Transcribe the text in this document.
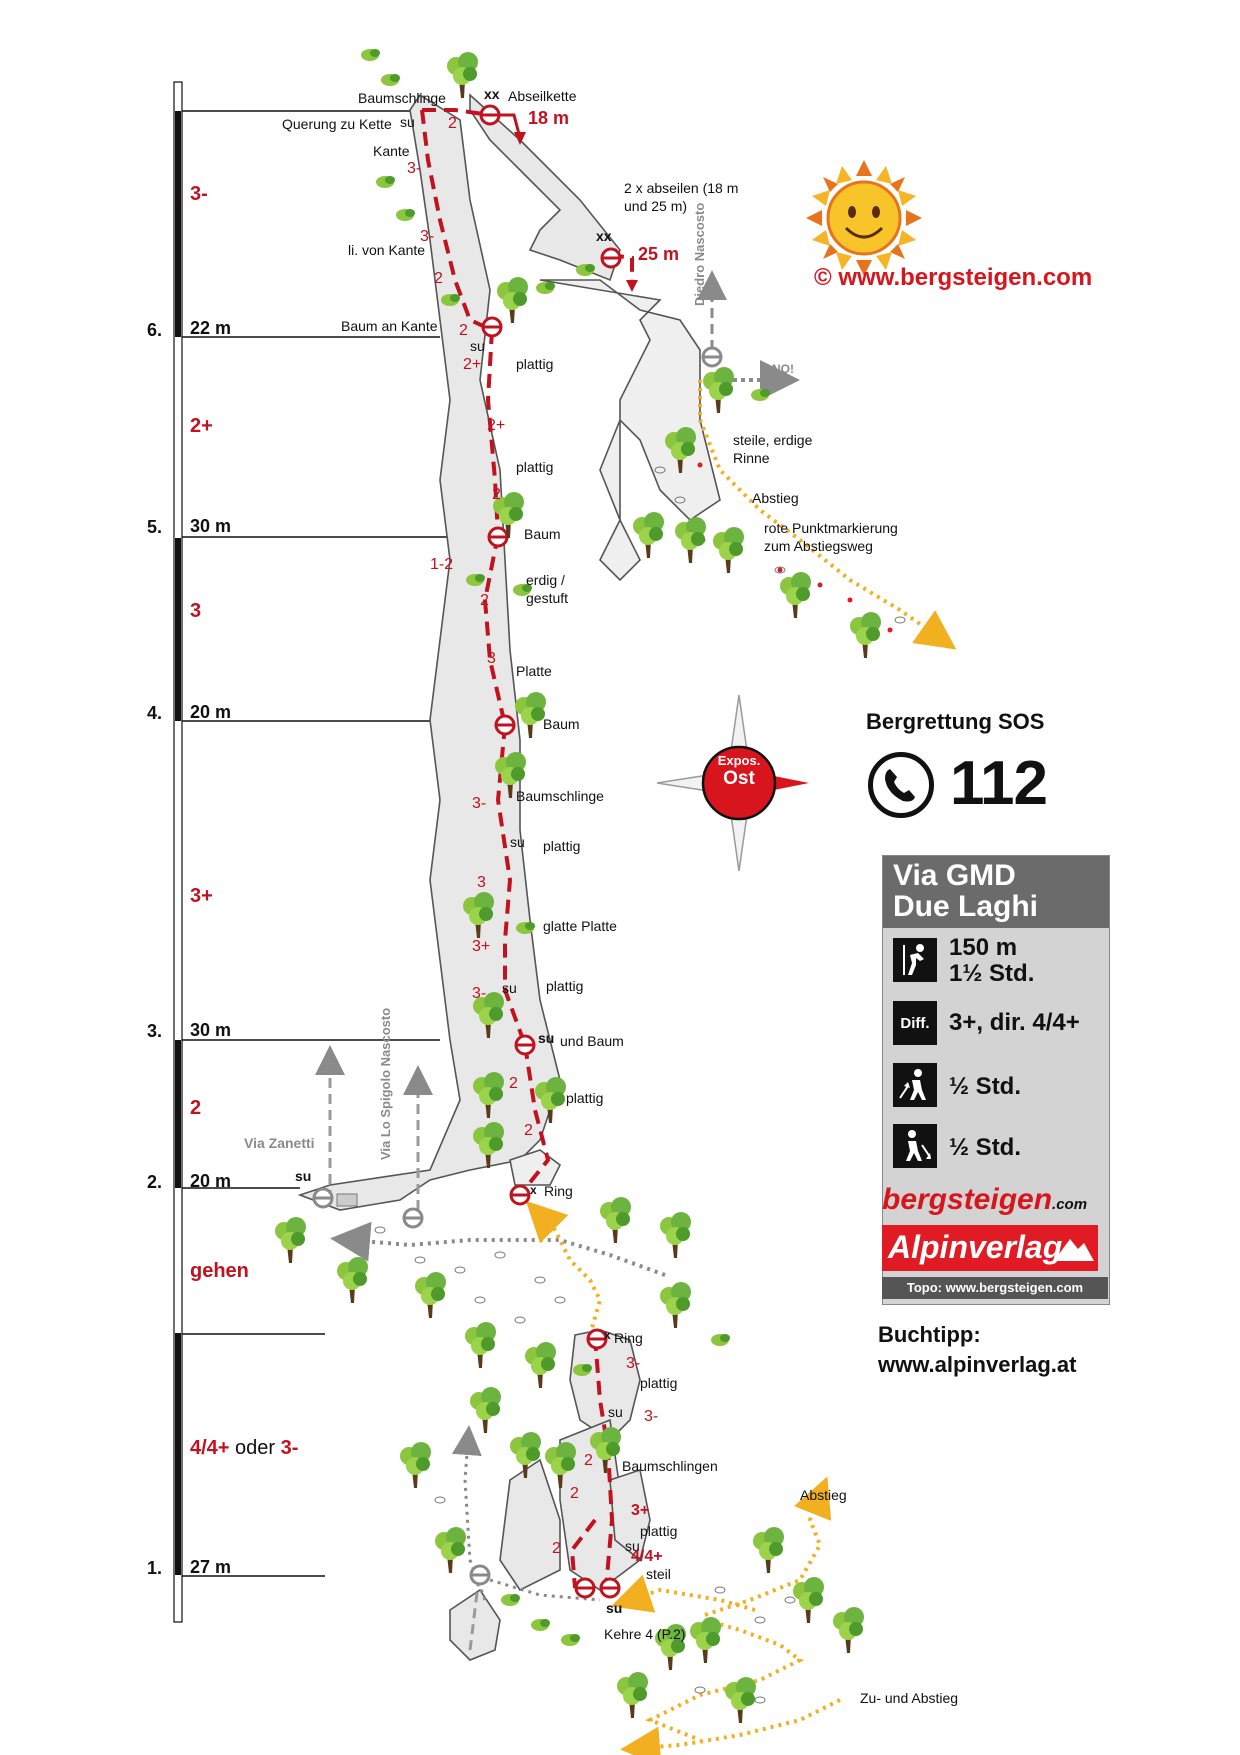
6. 22 m
5. 30 m
4. 20 m
3. 30 m
2. 20 m
1. 27 m
3-
2+
3
3+
2
gehen
4/4+ oder 3-
Baumschlinge
Querung zu Kette su
xx Abseilkette
18 m
2 x abseilen (18 m
und 25 m)
xx
25 m
Kante
li. von Kante
Baum an Kante
Diedro Nascosto
NO!
steile, erdige
Rinne
Abstieg
rote Punktmarkierung
zum Abstiegsweg
su
plattig
plattig
Baum
erdig /
gestuft
Platte
Baum
Baumschlinge
su plattig
glatte Platte
su plattig
su und Baum
plattig
Via Zanetti	Via Lo Spigolo Nascosto
su
x Ring
x Ring
plattig
su
Baumschlingen
plattig
su
steil
su
Kehre 4 (P.2)
Abstieg
Zu- und Abstieg
2
3-
3-
2
2
2+
2+
2
1-2
2
3
3-
3
3+
3-
2
2
3-
3-
2
2
3+
4/4+
2
Expos.
Ost
© www.bergsteigen.com
Bergrettung SOS
112
Via GMD
Due Laghi
150 m
1½ Std.
Diff. 3+, dir. 4/4+
½ Std.
½ Std.
bergsteigen.com
Alpinverlag
Topo: www.bergsteigen.com
Buchtipp:
www.alpinverlag.at
